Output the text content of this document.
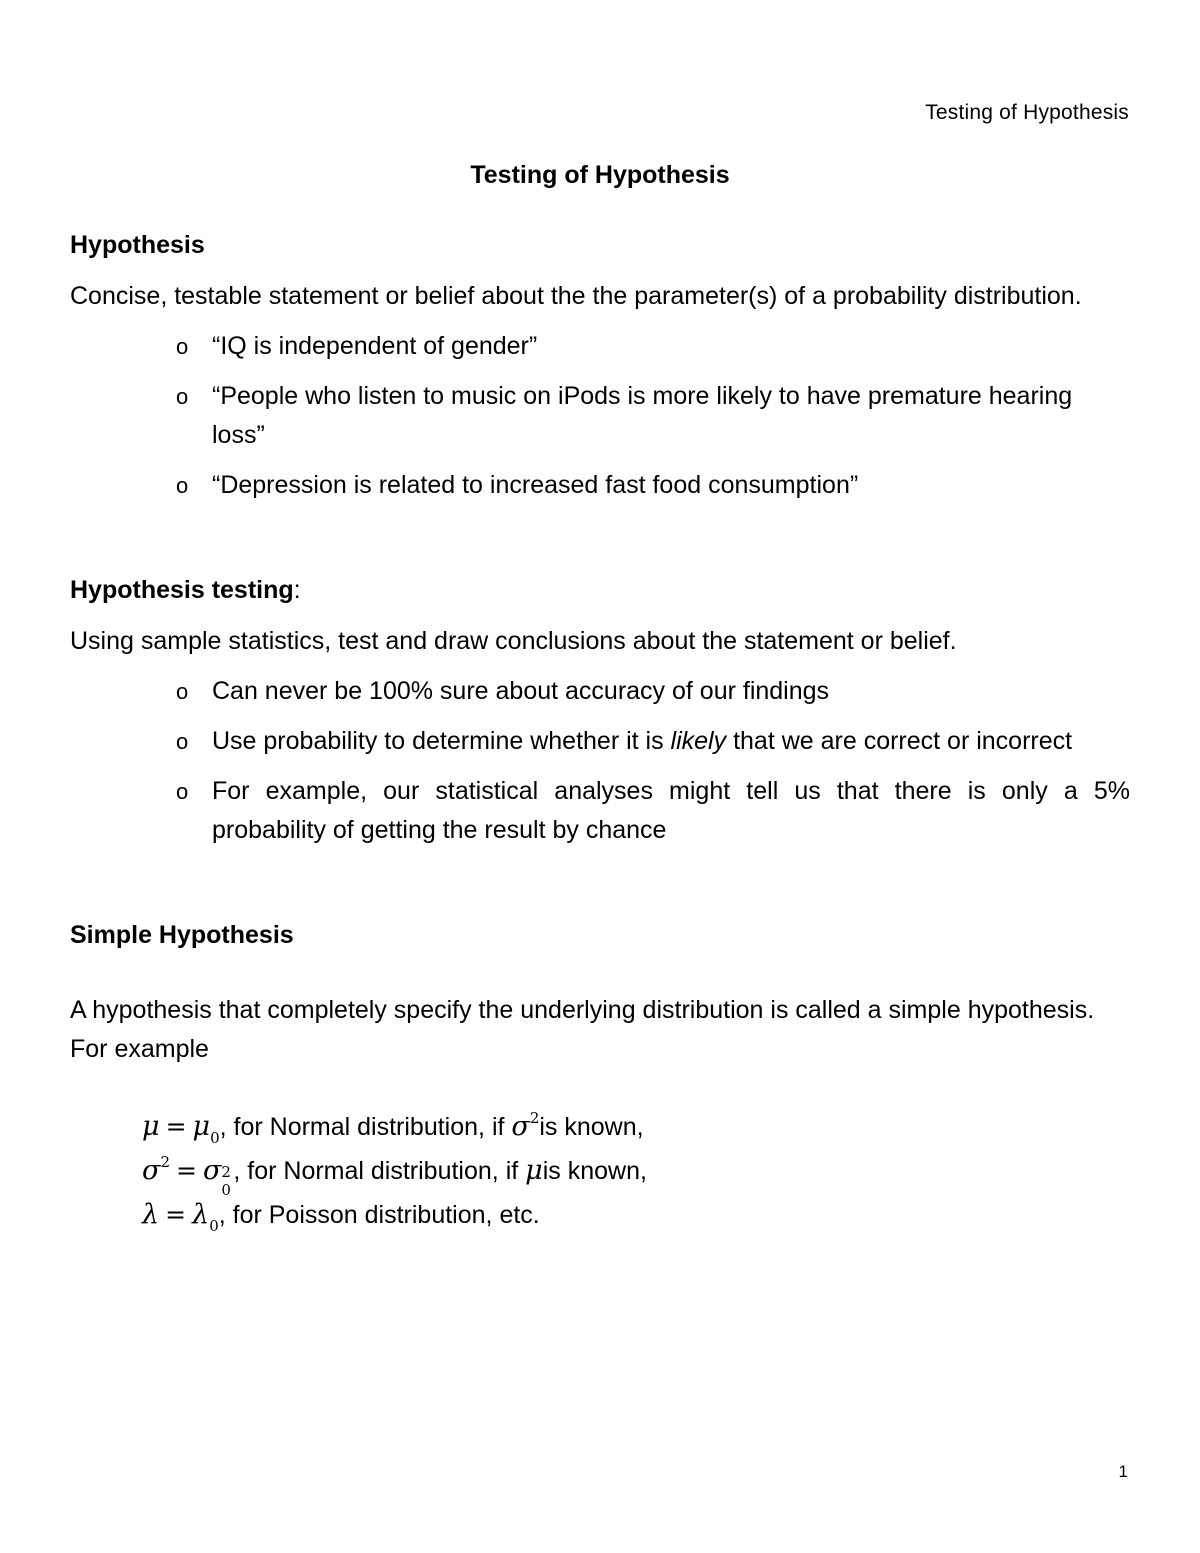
Testing of Hypothesis
Testing of Hypothesis
Hypothesis

Concise, testable statement or belief about the the parameter(s) of a probability distribution.

o “IQ is independent of gender”
o “People who listen to music on iPods is more likely to have premature hearing loss”
o “Depression is related to increased fast food consumption”
Hypothesis testing:

Using sample statistics, test and draw conclusions about the statement or belief.

o Can never be 100% sure about accuracy of our findings
o Use probability to determine whether it is likely that we are correct or incorrect
o For example, our statistical analyses might tell us that there is only a 5% probability of getting the result by chance
Simple Hypothesis

A hypothesis that completely specify the underlying distribution is called a simple hypothesis. For example

$\mu = \mu_0$, for Normal distribution, if $\sigma^2is$ known,
$\sigma^2 = \sigma$ 2
0
, for Normal distribution, if μis known,
$\lambda = \lambda_0$, for Poisson distribution, etc.
1
